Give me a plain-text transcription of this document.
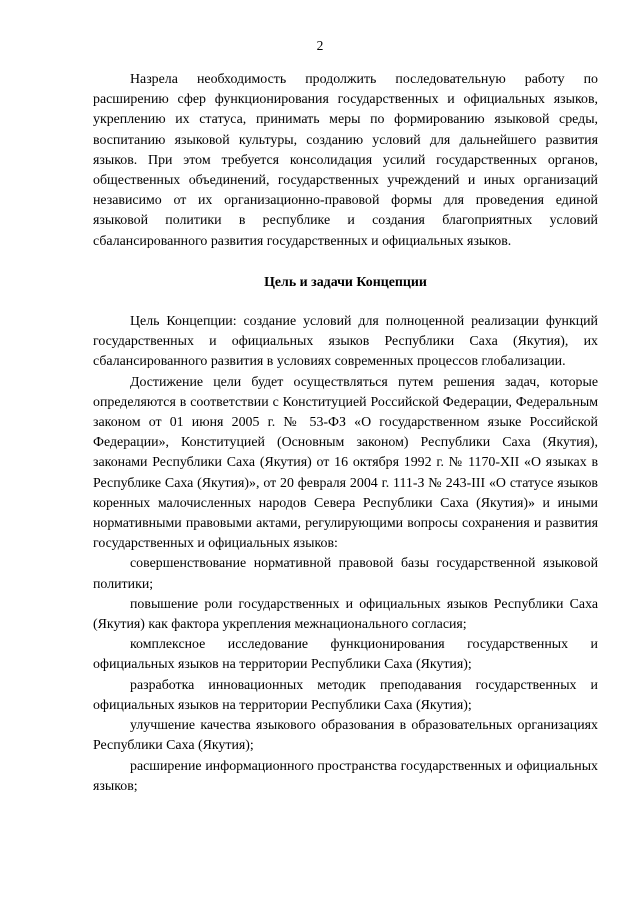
2

Назрела необходимость продолжить последовательную работу по расширению сфер функционирования государственных и официальных языков, укреплению их статуса, принимать меры по формированию языковой среды, воспитанию языковой культуры, созданию условий для дальнейшего развития языков. При этом требуется консолидация усилий государственных органов, общественных объединений, государственных учреждений и иных организаций независимо от их организационно-правовой формы для проведения единой языковой политики в республике и создания благоприятных условий сбалансированного развития государственных и официальных языков.

Цель и задачи Концепции

Цель Концепции: создание условий для полноценной реализации функций государственных и официальных языков Республики Саха (Якутия), их сбалансированного развития в условиях современных процессов глобализации.

Достижение цели будет осуществляться путем решения задач, которые определяются в соответствии с Конституцией Российской Федерации, Федеральным законом от 01 июня 2005 г. № 53-ФЗ «О государственном языке Российской Федерации», Конституцией (Основным законом) Республики Саха (Якутия), законами Республики Саха (Якутия) от 16 октября 1992 г. № 1170-XII «О языках в Республике Саха (Якутия)», от 20 февраля 2004 г. 111-З № 243-III «О статусе языков коренных малочисленных народов Севера Республики Саха (Якутия)» и иными нормативными правовыми актами, регулирующими вопросы сохранения и развития государственных и официальных языков:

совершенствование нормативной правовой базы государственной языковой политики;

повышение роли государственных и официальных языков Республики Саха (Якутия) как фактора укрепления межнационального согласия;

комплексное исследование функционирования государственных и официальных языков на территории Республики Саха (Якутия);

разработка инновационных методик преподавания государственных и официальных языков на территории Республики Саха (Якутия);

улучшение качества языкового образования в образовательных организациях Республики Саха (Якутия);

расширение информационного пространства государственных и официальных языков;
